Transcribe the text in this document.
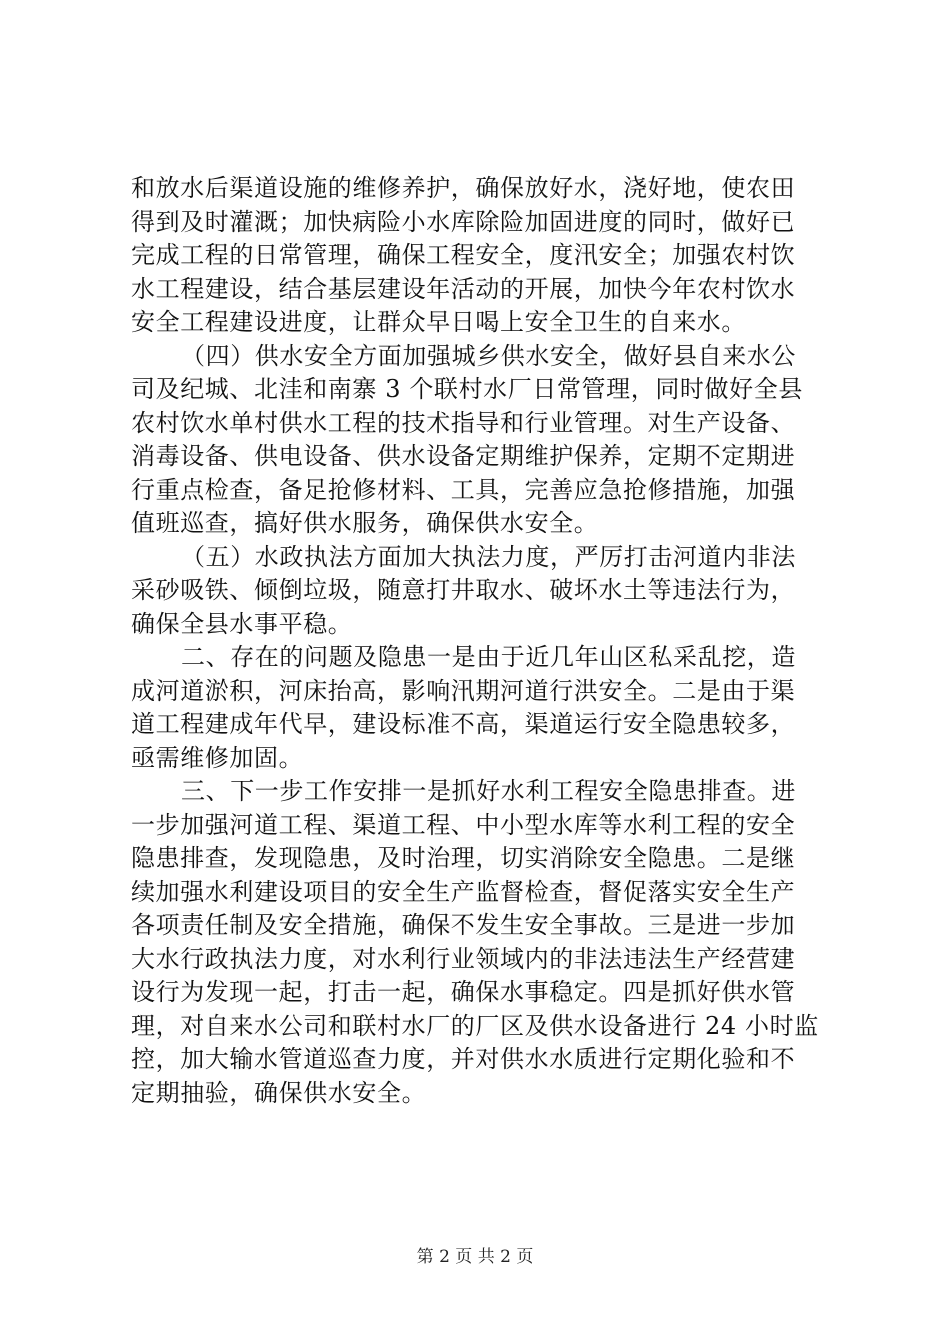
和放水后渠道设施的维修养护，确保放好水，浇好地，使农田
得到及时灌溉；加快病险小水库除险加固进度的同时，做好已
完成工程的日常管理，确保工程安全，度汛安全；加强农村饮
水工程建设，结合基层建设年活动的开展，加快今年农村饮水
安全工程建设进度，让群众早日喝上安全卫生的自来水。
（四）供水安全方面加强城乡供水安全，做好县自来水公
司及纪城、北洼和南寨 3 个联村水厂日常管理，同时做好全县
农村饮水单村供水工程的技术指导和行业管理。对生产设备、
消毒设备、供电设备、供水设备定期维护保养，定期不定期进
行重点检查，备足抢修材料、工具，完善应急抢修措施，加强
值班巡查，搞好供水服务，确保供水安全。
（五）水政执法方面加大执法力度，严厉打击河道内非法
采砂吸铁、倾倒垃圾，随意打井取水、破坏水土等违法行为，
确保全县水事平稳。
二、存在的问题及隐患一是由于近几年山区私采乱挖，造
成河道淤积，河床抬高，影响汛期河道行洪安全。二是由于渠
道工程建成年代早，建设标准不高，渠道运行安全隐患较多，
亟需维修加固。
三、下一步工作安排一是抓好水利工程安全隐患排查。进
一步加强河道工程、渠道工程、中小型水库等水利工程的安全
隐患排查，发现隐患，及时治理，切实消除安全隐患。二是继
续加强水利建设项目的安全生产监督检查，督促落实安全生产
各项责任制及安全措施，确保不发生安全事故。三是进一步加
大水行政执法力度，对水利行业领域内的非法违法生产经营建
设行为发现一起，打击一起，确保水事稳定。四是抓好供水管
理，对自来水公司和联村水厂的厂区及供水设备进行 24 小时监
控，加大输水管道巡查力度，并对供水水质进行定期化验和不
定期抽验，确保供水安全。
第 2 页 共 2 页
